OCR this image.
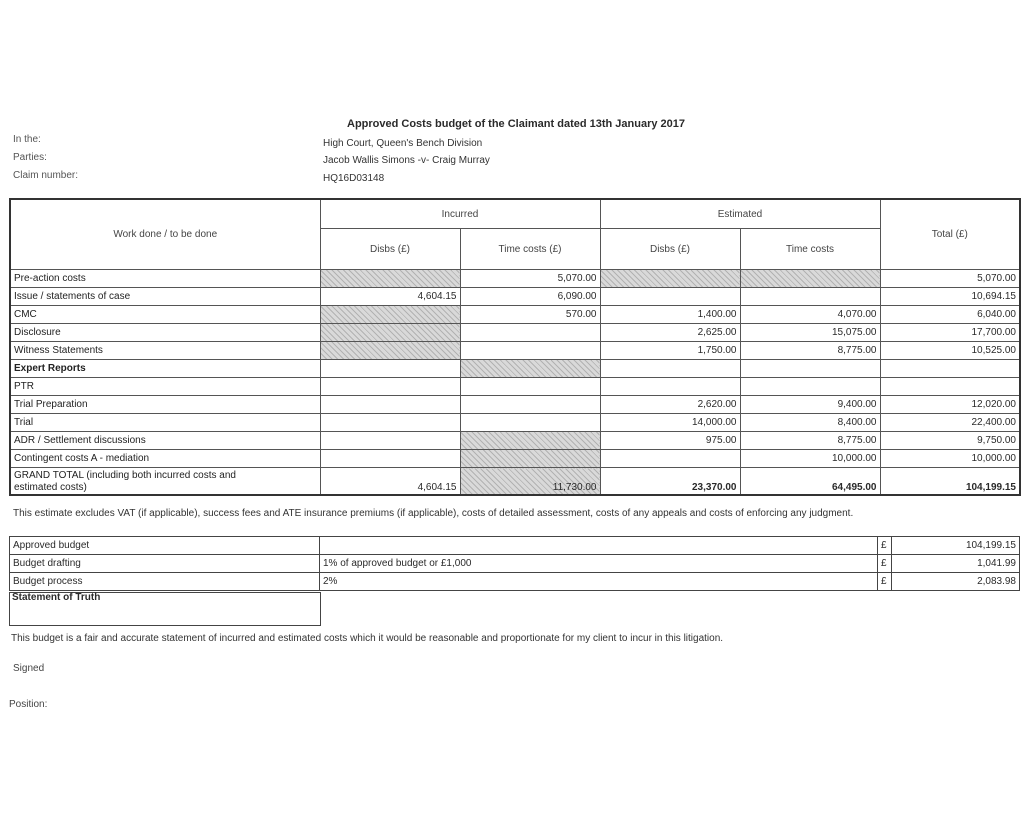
Approved Costs budget of the Claimant dated 13th January 2017
In the:	High Court, Queen's Bench Division
Parties:	Jacob Wallis Simons -v- Craig Murray
Claim number:	HQ16D03148
Work done / to be done	Incurred		Estimated		Total (£)
	Disbs (£)	Time costs (£)	Disbs (£)	Time costs	
Pre-action costs		5,070.00			5,070.00
Issue / statements of case	4,604.15	6,090.00			10,694.15
CMC		570.00	1,400.00	4,070.00	6,040.00
Disclosure			2,625.00	15,075.00	17,700.00
Witness Statements			1,750.00	8,775.00	10,525.00
Expert Reports					
PTR					
Trial Preparation			2,620.00	9,400.00	12,020.00
Trial			14,000.00	8,400.00	22,400.00
ADR / Settlement discussions			975.00	8,775.00	9,750.00
Contingent costs A - mediation				10,000.00	10,000.00

GRAND TOTAL (including both incurred costs and
estimated costs)	4,604.15	11,730.00	23,370.00	64,495.00	104,199.15
This estimate excludes VAT (if applicable), success fees and ATE insurance premiums (if applicable), costs of detailed assessment, costs of any appeals and costs of enforcing any judgment.
Approved budget		£	104,199.15
Budget drafting	1% of approved budget or £1,000	£	1,041.99
Budget process	2%	£	2,083.98
Statement of Truth
This budget is a fair and accurate statement of incurred and estimated costs which it would be reasonable and proportionate for my client to incur in this litigation.
Signed
Position:
